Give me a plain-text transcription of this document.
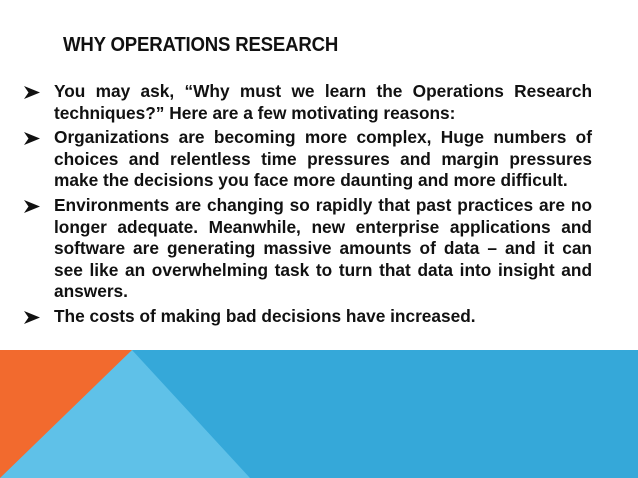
WHY OPERATIONS RESEARCH
You may ask, “Why must we learn the Operations Research techniques?” Here are a few motivating reasons:
Organizations are becoming more complex, Huge numbers of choices and relentless time pressures and margin pressures make the decisions you face more daunting and more difficult.
Environments are changing so rapidly that past practices are no longer adequate. Meanwhile, new enterprise applications and software are generating massive amounts of data – and it can see like an overwhelming task to turn that data into insight and answers.
The costs of making bad decisions have increased.
